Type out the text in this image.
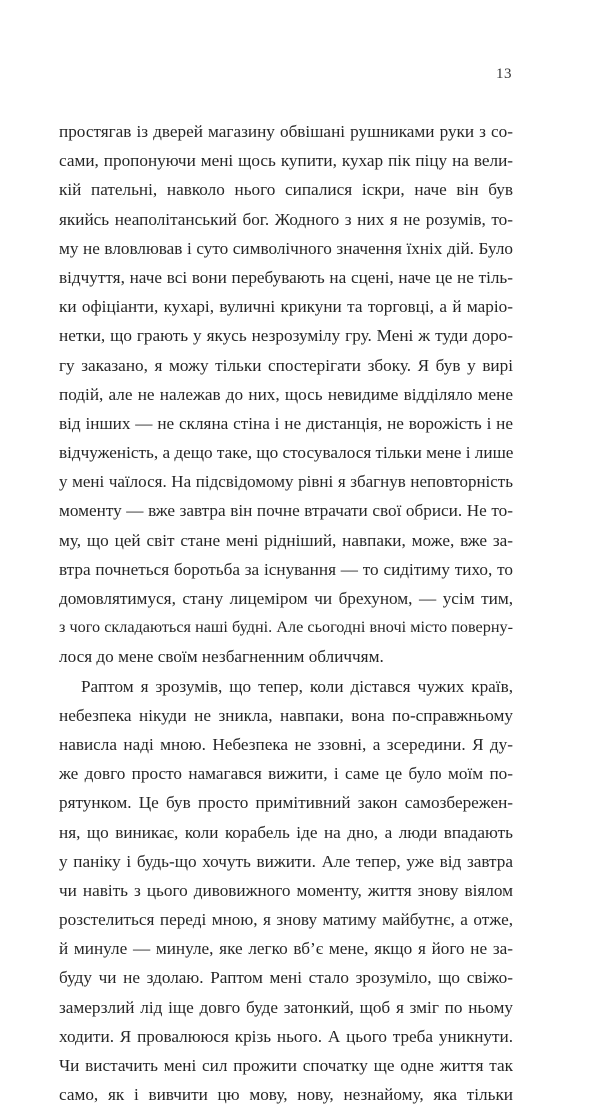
13
простягав із дверей магазину обвішані рушниками руки з со-
сами, пропонуючи мені щось купити, кухар пік піцу на вели-
кій пательні, навколо нього сипалися іскри, наче він був
якийсь неаполітанський бог. Жодного з них я не розумів, то-
му не вловлював і суто символічного значення їхніх дій. Було
відчуття, наче всі вони перебувають на сцені, наче це не тіль-
ки офіціанти, кухарі, вуличні крикуни та торговці, а й маріо-
нетки, що грають у якусь незрозумілу гру. Мені ж туди доро-
гу заказано, я можу тільки спостерігати збоку. Я був у вирі
подій, але не належав до них, щось невидиме відділяло мене
від інших — не скляна стіна і не дистанція, не ворожість і не
відчуженість, а дещо таке, що стосувалося тільки мене і лише
у мені чаїлося. На підсвідомому рівні я збагнув неповторність
моменту — вже завтра він почне втрачати свої обриси. Не то-
му, що цей світ стане мені рідніший, навпаки, може, вже за-
втра почнеться боротьба за існування — то сидітиму тихо, то
домовлятимуся, стану лицеміром чи брехуном, — усім тим,
з чого складаються наші будні. Але сьогодні вночі місто поверну-
лося до мене своїм незбагненним обличчям.
Раптом я зрозумів, що тепер, коли дістався чужих країв,
небезпека нікуди не зникла, навпаки, вона по-справжньому
нависла наді мною. Небезпека не ззовні, а зсередини. Я ду-
же довго просто намагався вижити, і саме це було моїм по-
рятунком. Це був просто примітивний закон самозбережен-
ня, що виникає, коли корабель іде на дно, а люди впадають
у паніку і будь-що хочуть вижити. Але тепер, уже від завтра
чи навіть з цього дивовижного моменту, життя знову віялом
розстелиться переді мною, я знову матиму майбутнє, а отже,
й минуле — минуле, яке легко вб’є мене, якщо я його не за-
буду чи не здолаю. Раптом мені стало зрозуміло, що свіжо-
замерзлий лід іще довго буде затонкий, щоб я зміг по ньому
ходити. Я провалююся крізь нього. А цього треба уникнути.
Чи вистачить мені сил прожити спочатку ще одне життя так
само, як і вивчити цю мову, нову, незнайому, яка тільки
